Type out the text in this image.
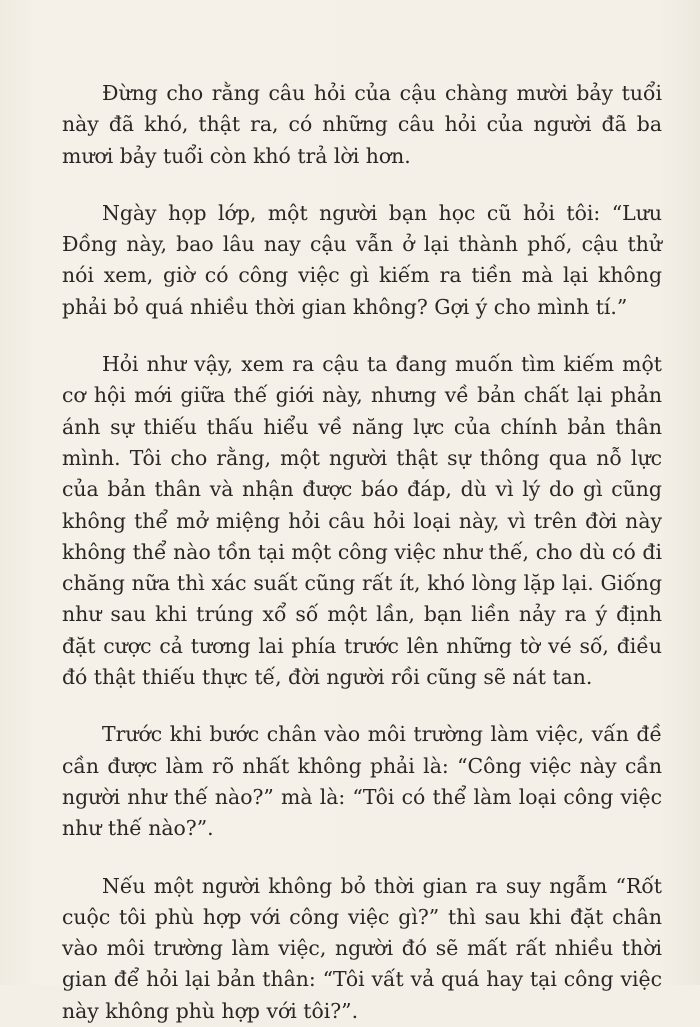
Đừng cho rằng câu hỏi của cậu chàng mười bảy tuổi này đã khó, thật ra, có những câu hỏi của người đã ba mươi bảy tuổi còn khó trả lời hơn.

Ngày họp lớp, một người bạn học cũ hỏi tôi: “Lưu Đồng này, bao lâu nay cậu vẫn ở lại thành phố, cậu thử nói xem, giờ có công việc gì kiếm ra tiền mà lại không phải bỏ quá nhiều thời gian không? Gợi ý cho mình tí.”

Hỏi như vậy, xem ra cậu ta đang muốn tìm kiếm một cơ hội mới giữa thế giới này, nhưng về bản chất lại phản ánh sự thiếu thấu hiểu về năng lực của chính bản thân mình. Tôi cho rằng, một người thật sự thông qua nỗ lực của bản thân và nhận được báo đáp, dù vì lý do gì cũng không thể mở miệng hỏi câu hỏi loại này, vì trên đời này không thể nào tồn tại một công việc như thế, cho dù có đi chăng nữa thì xác suất cũng rất ít, khó lòng lặp lại. Giống như sau khi trúng xổ số một lần, bạn liền nảy ra ý định đặt cược cả tương lai phía trước lên những tờ vé số, điều đó thật thiếu thực tế, đời người rồi cũng sẽ nát tan.

Trước khi bước chân vào môi trường làm việc, vấn đề cần được làm rõ nhất không phải là: “Công việc này cần người như thế nào?” mà là: “Tôi có thể làm loại công việc như thế nào?”.

Nếu một người không bỏ thời gian ra suy ngẫm “Rốt cuộc tôi phù hợp với công việc gì?” thì sau khi đặt chân vào môi trường làm việc, người đó sẽ mất rất nhiều thời gian để hỏi lại bản thân: “Tôi vất vả quá hay tại công việc này không phù hợp với tôi?”.
